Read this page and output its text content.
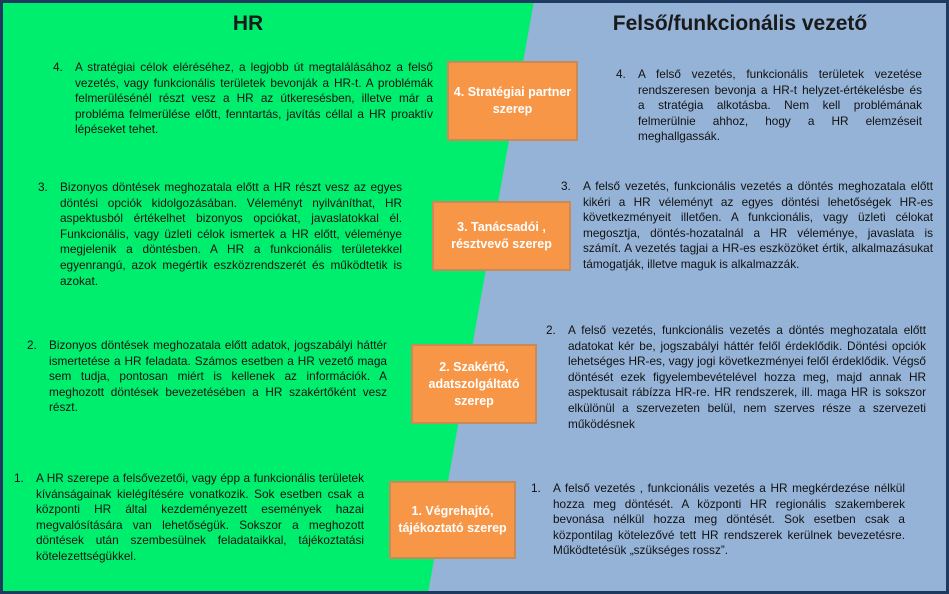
HR	Felső/funkcionális vezető
4. A stratégiai célok eléréséhez, a legjobb út megtalálásához a felső vezetés, vagy funkcionális területek bevonják a HR-t. A problémák felmerülésénél részt vesz a HR az útkeresésben, illetve már a probléma felmerülése előtt, fenntartás, javítás céllal a HR proaktív lépéseket tehet.
4. Stratégiai partner szerep
4. A felső vezetés, funkcionális területek vezetése rendszeresen bevonja a HR-t helyzet-értékelésbe és a stratégia alkotásba. Nem kell problémának felmerülnie ahhoz, hogy a HR elemzéseit meghallgassák.
3. Bizonyos döntések meghozatala előtt a HR részt vesz az egyes döntési opciók kidolgozásában. Véleményt nyilváníthat, HR aspektusból értékelhet bizonyos opciókat, javaslatokkal él. Funkcionális, vagy üzleti célok ismertek a HR előtt, véleménye megjelenik a döntésben. A HR a funkcionális területekkel egyenrangú, azok megértik eszközrendszerét és működtetik is azokat.
3. Tanácsadói , résztvevő szerep
3. A felső vezetés, funkcionális vezetés a döntés meghozatala előtt kikéri a HR véleményt az egyes döntési lehetőségek HR-es következményeit illetően. A funkcionális, vagy üzleti célokat megosztja, döntés-hozatalnál a HR véleménye, javaslata is számít. A vezetés tagjai a HR-es eszközöket értik, alkalmazásukat támogatják, illetve maguk is alkalmazzák.
2. Bizonyos döntések meghozatala előtt adatok, jogszabályi háttér ismertetése a HR feladata. Számos esetben a HR vezető maga sem tudja, pontosan miért is kellenek az információk. A meghozott döntések bevezetésében a HR szakértőként vesz részt.
2. Szakértő, adatszolgáltató szerep
2. A felső vezetés, funkcionális vezetés a döntés meghozatala előtt adatokat kér be, jogszabályi háttér felől érdeklődik. Döntési opciók lehetséges HR-es, vagy jogi következményei felől érdeklődik. Végső döntését ezek figyelembevételével hozza meg, majd annak HR aspektusait rábízza HR-re. HR rendszerek, ill. maga HR is sokszor elkülönül a szervezeten belül, nem szerves része a szervezeti működésnek
1. A HR szerepe a felsővezetői, vagy épp a funkcionális területek kívánságainak kielégítésére vonatkozik. Sok esetben csak a központi HR által kezdeményezett események hazai megvalósítására van lehetőségük. Sokszor a meghozott döntések után szembesülnek feladataikkal, tájékoztatási kötelezettségükkel.
1. Végrehajtó, tájékoztató szerep
1. A felső vezetés , funkcionális vezetés a HR megkérdezése nélkül hozza meg döntését. A központi HR regionális szakemberek bevonása nélkül hozza meg döntését. Sok esetben csak a központilag kötelezővé tett HR rendszerek kerülnek bevezetésre. Működtetésük „szükséges rossz”.
